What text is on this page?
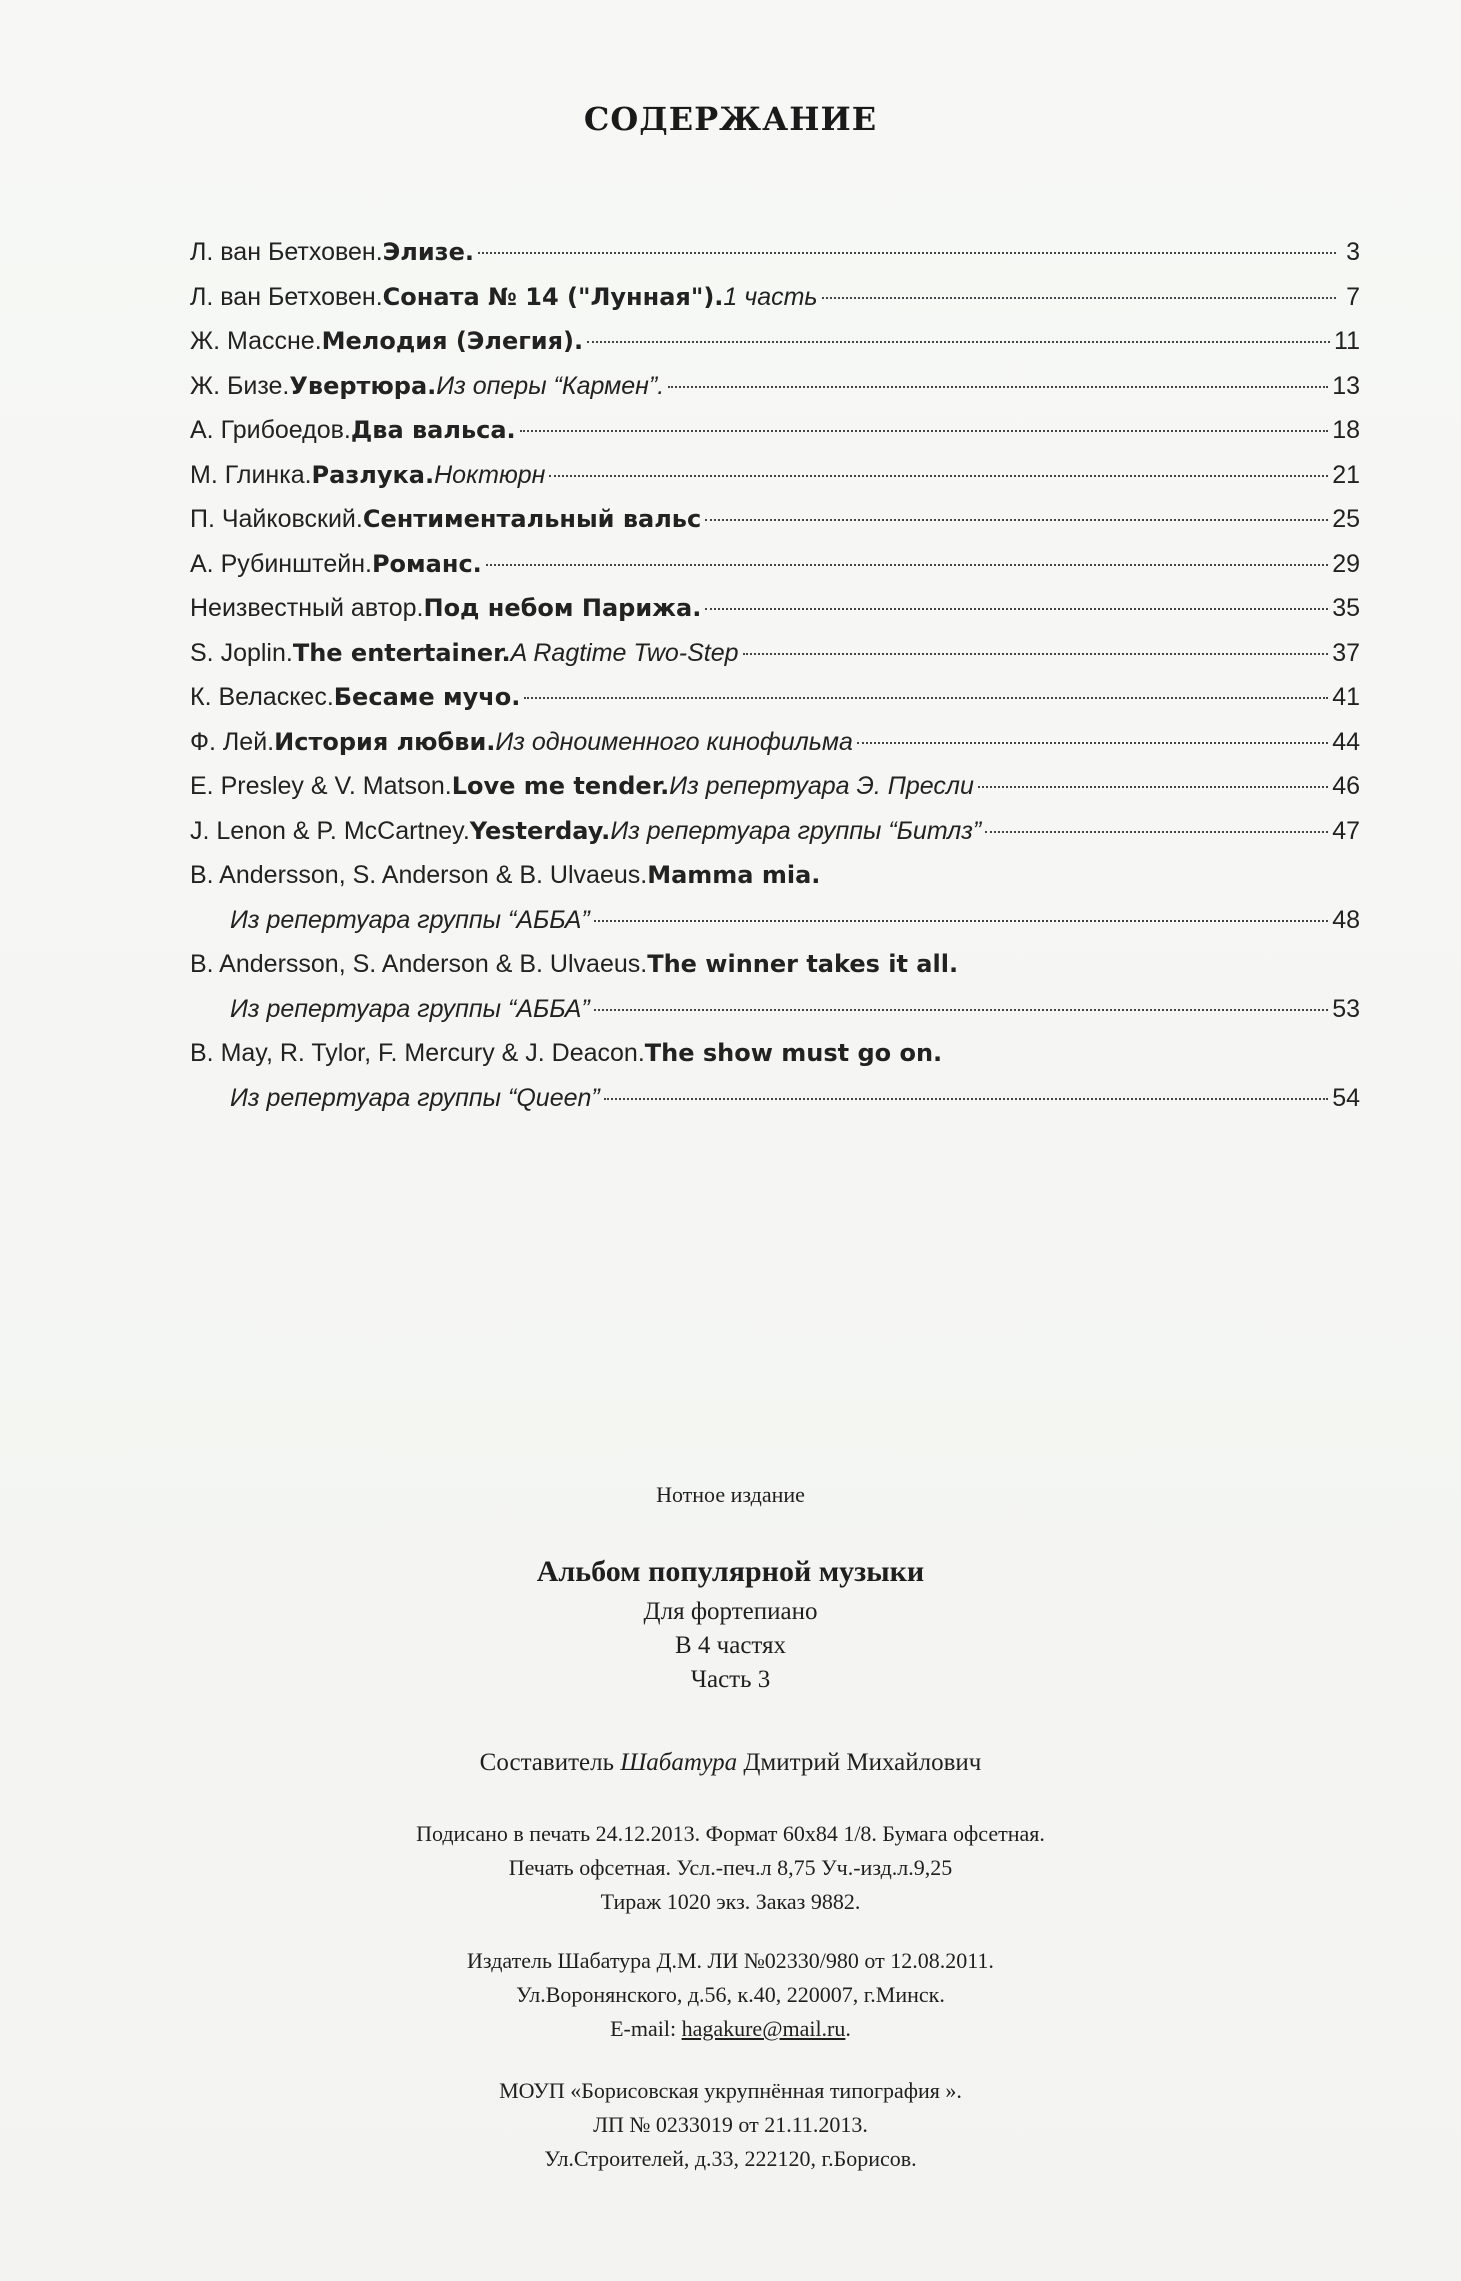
СОДЕРЖАНИЕ
Л. ван Бетховен. Элизе.	3
Л. ван Бетховен. Соната № 14 ("Лунная"). 1 часть	7
Ж. Массне. Мелодия (Элегия).	11
Ж. Бизе. Увертюра. Из оперы “Кармен”.	13
А. Грибоедов. Два вальса.	18
М. Глинка. Разлука. Ноктюрн	21
П. Чайковский. Сентиментальный вальс	25
А. Рубинштейн. Романс.	29
Неизвестный автор. Под небом Парижа.	35
S. Joplin. The entertainer. A Ragtime Two-Step	37
К. Веласкес. Бесаме мучо.	41
Ф. Лей. История любви. Из одноименного кинофильма	44
E. Presley & V. Matson. Love me tender. Из репертуара Э. Пресли	46
J. Lenon & P. McCartney. Yesterday. Из репертуара группы “Битлз”	47
B. Andersson, S. Anderson & B. Ulvaeus. Mamma mia.
Из репертуара группы “АББА”	48
B. Andersson, S. Anderson & B. Ulvaeus. The winner takes it all.
Из репертуара группы “АББА”	53
B. May, R. Tylor, F. Mercury & J. Deacon. The show must go on.
Из репертуара группы “Queen”	54
Нотное издание
Альбом популярной музыки
Для фортепиано
В 4 частях
Часть 3
Составитель Шабатура Дмитрий Михайлович
Подисано в печать 24.12.2013. Формат 60х84 1/8. Бумага офсетная.
Печать офсетная. Усл.-печ.л 8,75 Уч.-изд.л.9,25
Тираж 1020 экз. Заказ 9882.
Издатель Шабатура Д.М. ЛИ №02330/980 от 12.08.2011.
Ул.Воронянского, д.56, к.40, 220007, г.Минск.
E-mail: hagakure@mail.ru.
МОУП «Борисовская укрупнённая типография ».
ЛП № 0233019 от 21.11.2013.
Ул.Строителей, д.33, 222120, г.Борисов.
